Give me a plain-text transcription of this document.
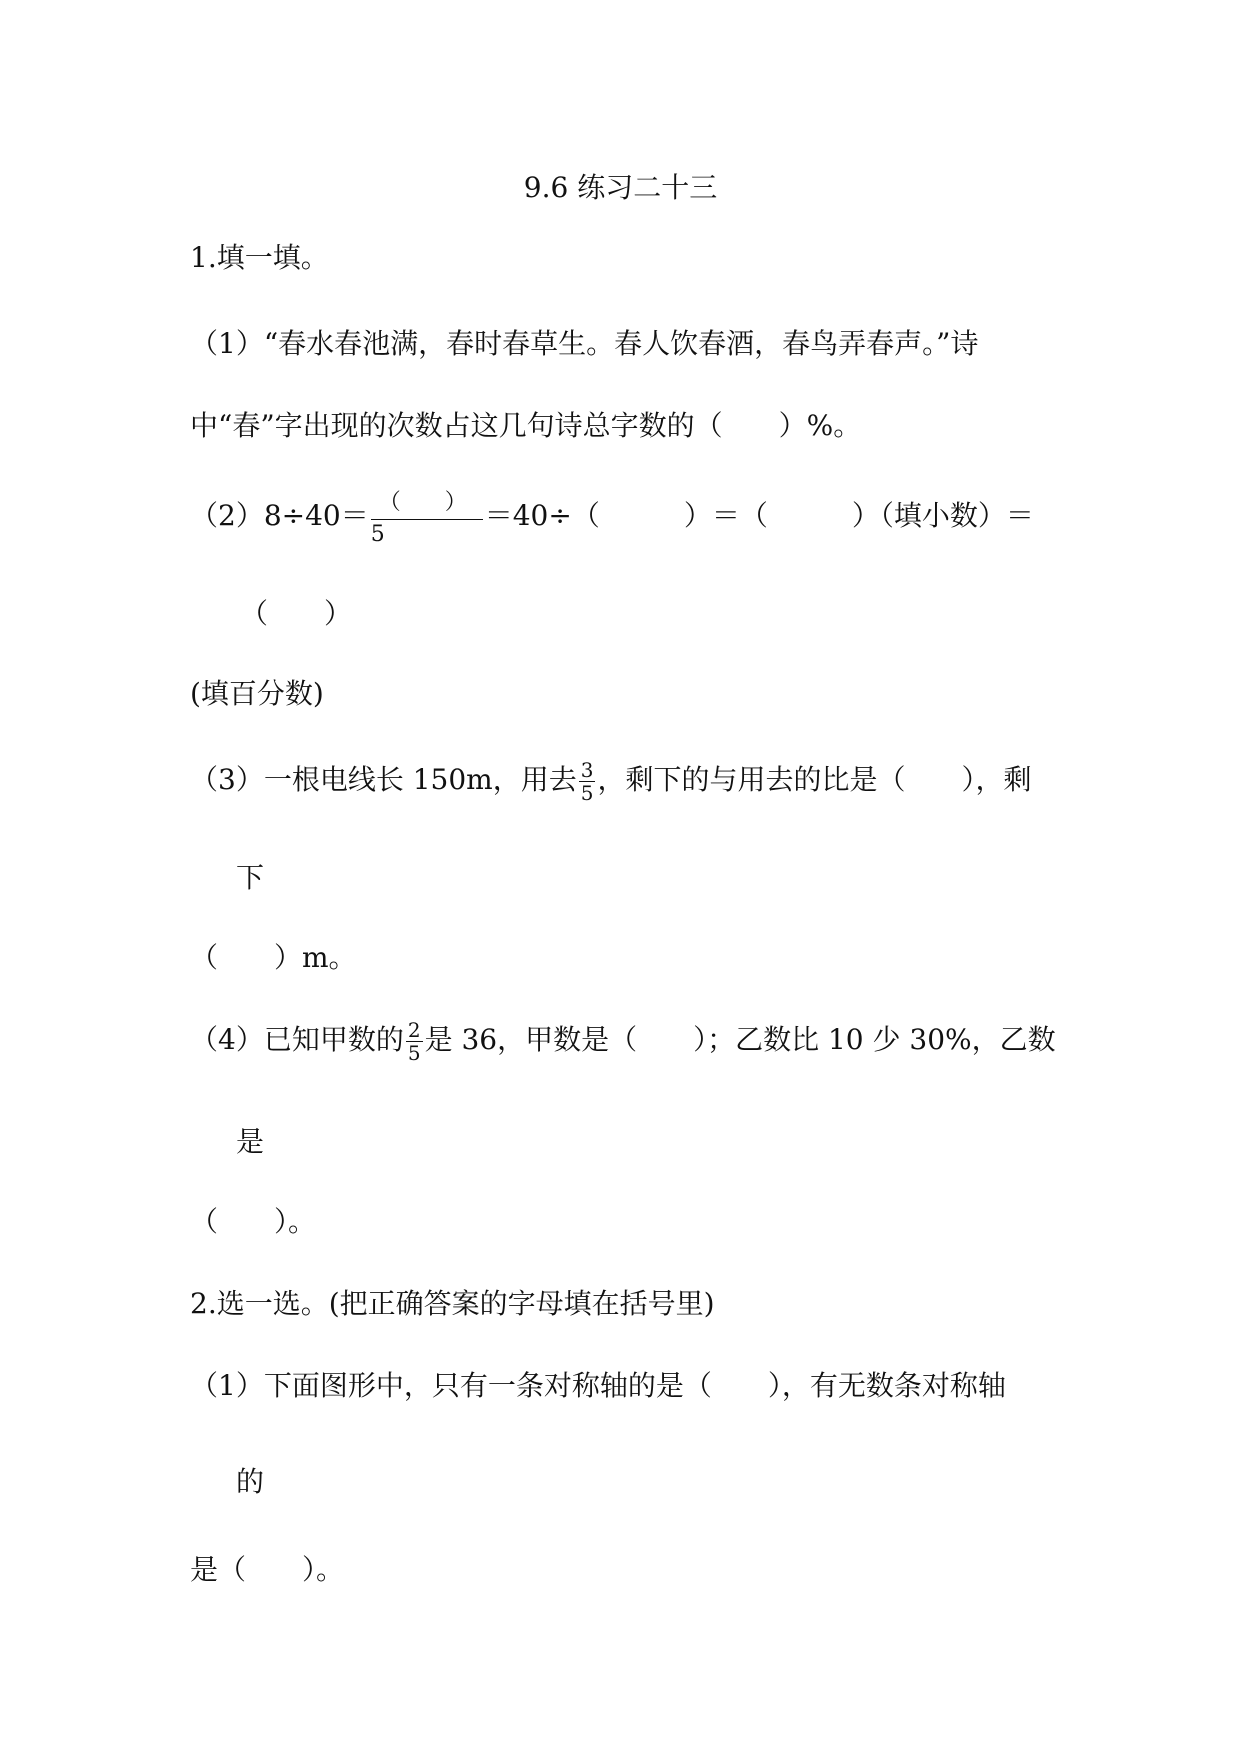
9.6 练习二十三
1.填一填。
（1）“春水春池满，春时春草生。春人饮春酒，春鸟弄春声。”诗
中“春”字出现的次数占这几句诗总字数的（　　）%。
（2）8÷40＝ （　　）
5
＝40÷（　　　）＝（　　　）（填小数）＝
（　　）
(填百分数)
（3）一根电线长 150m，用去 $\frac{3}{5}$ ，剩下的与用去的比是（　　），剩
下
（　　）m。
（4）已知甲数的 $\frac{2}{5}$ 是 36，甲数是（　　）；乙数比 10 少 30%，乙数
是
（　　）。
2.选一选。(把正确答案的字母填在括号里)
（1）下面图形中，只有一条对称轴的是（　　），有无数条对称轴
的
是（　　）。
